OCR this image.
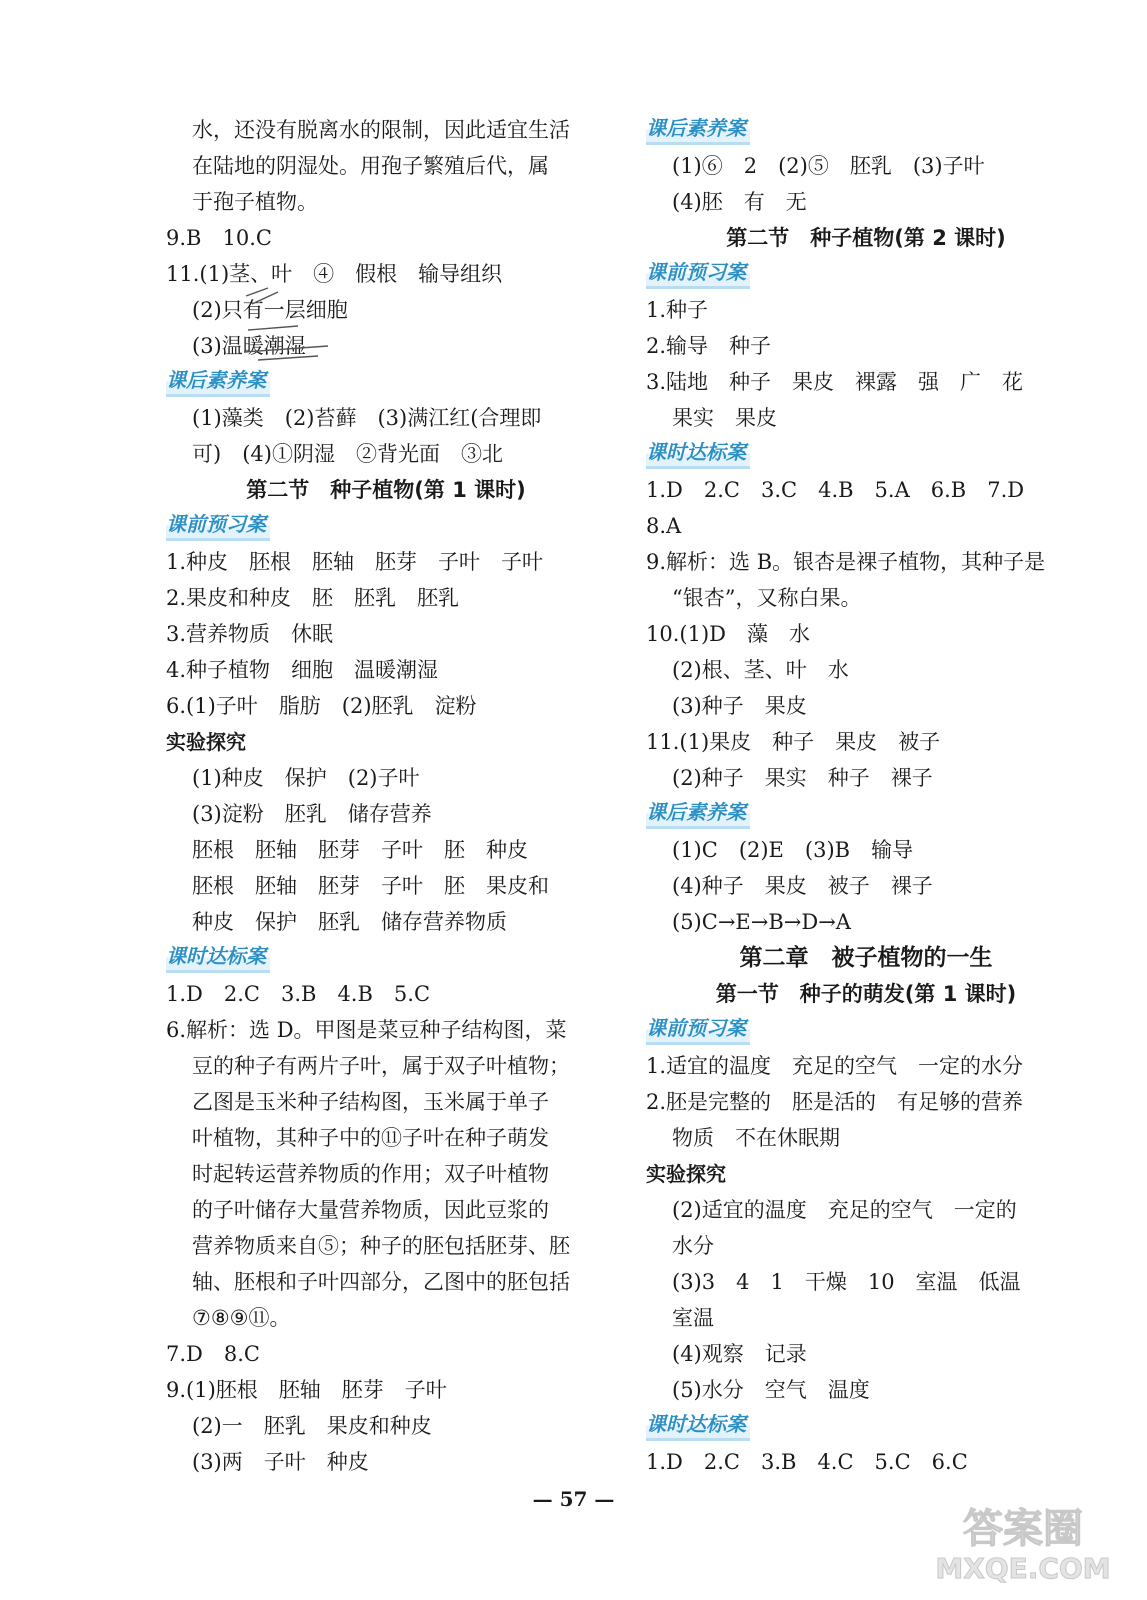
水，还没有脱离水的限制，因此适宜生活
在陆地的阴湿处。用孢子繁殖后代，属
于孢子植物。
9.B　10.C
11.(1)茎、叶　④　假根　输导组织
(2)只有一层细胞
(3)温暖潮湿
课后素养案
(1)藻类　(2)苔藓　(3)满江红(合理即
可)　(4)①阴湿　②背光面　③北
第二节　种子植物(第 1 课时)
课前预习案
1.种皮　胚根　胚轴　胚芽　子叶　子叶
2.果皮和种皮　胚　胚乳　胚乳
3.营养物质　休眠
4.种子植物　细胞　温暖潮湿
6.(1)子叶　脂肪　(2)胚乳　淀粉
实验探究
(1)种皮　保护　(2)子叶
(3)淀粉　胚乳　储存营养
胚根　胚轴　胚芽　子叶　胚　种皮
胚根　胚轴　胚芽　子叶　胚　果皮和
种皮　保护　胚乳　储存营养物质
课时达标案
1.D　2.C　3.B　4.B　5.C
6.解析：选 D。甲图是菜豆种子结构图，菜
豆的种子有两片子叶，属于双子叶植物；
乙图是玉米种子结构图，玉米属于单子
叶植物，其种子中的⑪子叶在种子萌发
时起转运营养物质的作用；双子叶植物
的子叶储存大量营养物质，因此豆浆的
营养物质来自⑤；种子的胚包括胚芽、胚
轴、胚根和子叶四部分，乙图中的胚包括
⑦⑧⑨⑪。
7.D　8.C
9.(1)胚根　胚轴　胚芽　子叶
(2)一　胚乳　果皮和种皮
(3)两　子叶　种皮
课后素养案
(1)⑥　2　(2)⑤　胚乳　(3)子叶
(4)胚　有　无
第二节　种子植物(第 2 课时)
课前预习案
1.种子
2.输导　种子
3.陆地　种子　果皮　裸露　强　广　花
果实　果皮
课时达标案
1.D　2.C　3.C　4.B　5.A　6.B　7.D
8.A
9.解析：选 B。银杏是裸子植物，其种子是
“银杏”，又称白果。
10.(1)D　藻　水
(2)根、茎、叶　水
(3)种子　果皮
11.(1)果皮　种子　果皮　被子
(2)种子　果实　种子　裸子
课后素养案
(1)C　(2)E　(3)B　输导
(4)种子　果皮　被子　裸子
(5)C→E→B→D→A
第二章　被子植物的一生
第一节　种子的萌发(第 1 课时)
课前预习案
1.适宜的温度　充足的空气　一定的水分
2.胚是完整的　胚是活的　有足够的营养
物质　不在休眠期
实验探究
(2)适宜的温度　充足的空气　一定的
水分
(3)3　4　1　干燥　10　室温　低温
室温
(4)观察　记录
(5)水分　空气　温度
课时达标案
1.D　2.C　3.B　4.C　5.C　6.C
— 57 —
答案圈
MXQE.COM
